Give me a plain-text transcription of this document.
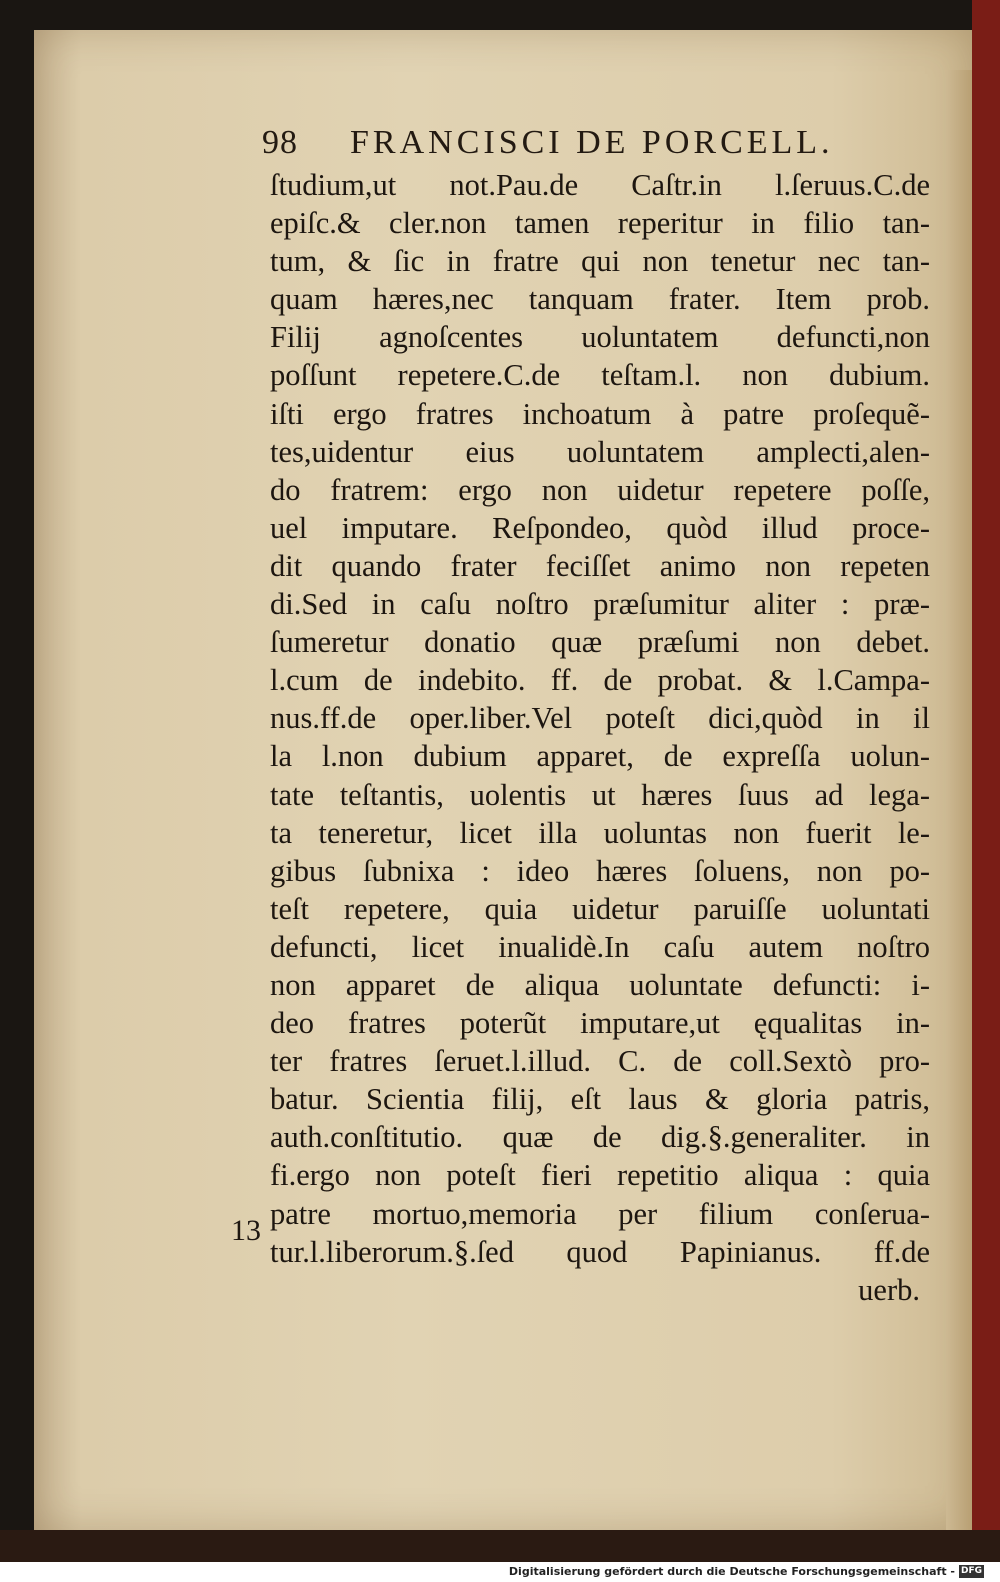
98 FRANCISCI DE PORCELL.
ſtudium,ut not.Pau.de Caſtr.in l.ſeruus.C.de
epiſc.& cler.non tamen reperitur in filio tan-
tum, & ſic in fratre qui non tenetur nec tan-
quam hæres,nec tanquam frater. Item prob.
Filij agnoſcentes uoluntatem defuncti,non
poſſunt repetere.C.de teſtam.l. non dubium.
iſti ergo fratres inchoatum à patre proſequẽ-
tes,uidentur eius uoluntatem amplecti,alen-
do fratrem: ergo non uidetur repetere poſſe,
uel imputare. Reſpondeo, quòd illud proce-
dit quando frater feciſſet animo non repeten
di.Sed in caſu noſtro præſumitur aliter : præ-
ſumeretur donatio quæ præſumi non debet.
l.cum de indebito. ff. de probat. & l.Campa-
nus.ff.de oper.liber.Vel poteſt dici,quòd in il
la l.non dubium apparet, de expreſſa uolun-
tate teſtantis, uolentis ut hæres ſuus ad lega-
ta teneretur, licet illa uoluntas non fuerit le-
gibus ſubnixa : ideo hæres ſoluens, non po-
teſt repetere, quia uidetur paruiſſe uoluntati
defuncti, licet inualidè.In caſu autem noſtro
non apparet de aliqua uoluntate defuncti: i-
deo fratres poterũt imputare,ut ęqualitas in-
ter fratres ſeruet.l.illud. C. de coll.Sextò pro-
batur. Scientia filij, eſt laus & gloria patris,
auth.conſtitutio. quæ de dig.§.generaliter. in
fi.ergo non poteſt fieri repetitio aliqua : quia
patre mortuo,memoria per filium conſerua-
tur.l.liberorum.§.ſed quod Papinianus. ff.de
uerb.
13
Digitalisierung gefördert durch die Deutsche Forschungsgemeinschaft - DFG
